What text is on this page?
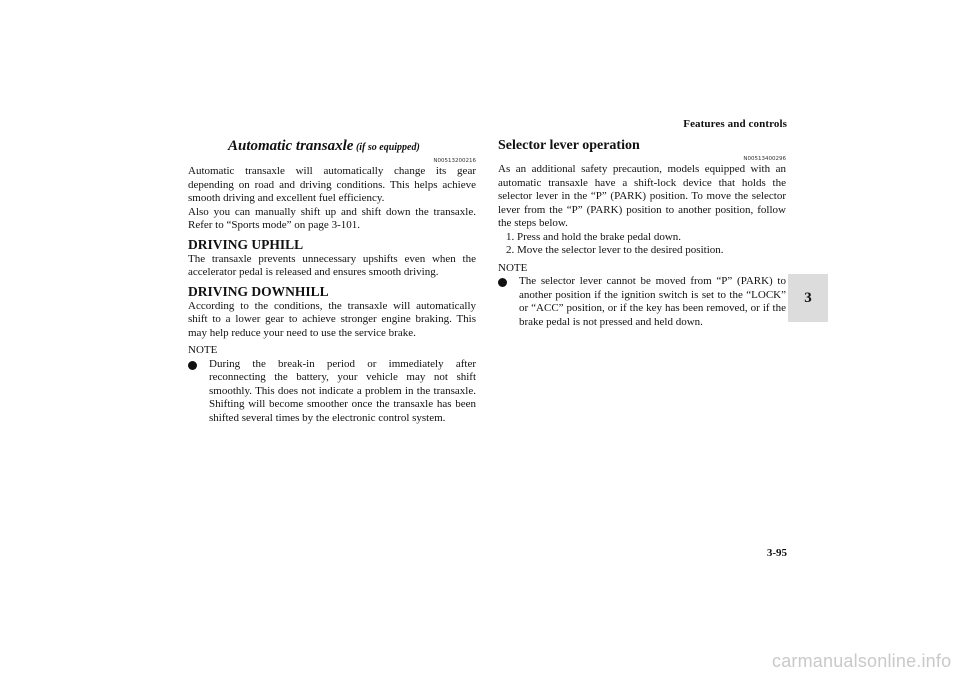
Features and controls
3
Automatic transaxle (if so equipped)
N00513200216

Automatic transaxle will automatically change its gear depending on road and driving conditions. This helps achieve smooth driving and excellent fuel efficiency.

Also you can manually shift up and shift down the transaxle. Refer to “Sports mode” on page 3-101.

DRIVING UPHILL

The transaxle prevents unnecessary upshifts even when the accelerator pedal is released and ensures smooth driving.

DRIVING DOWNHILL

According to the conditions, the transaxle will automatically shift to a lower gear to achieve stronger engine braking. This may help reduce your need to use the service brake.

NOTE
During the break-in period or immediately after reconnecting the battery, your vehicle may not shift smoothly. This does not indicate a problem in the transaxle. Shifting will become smoother once the transaxle has been shifted several times by the electronic control system.
Selector lever operation
N00513400296

As an additional safety precaution, models equipped with an automatic transaxle have a shift-lock device that holds the selector lever in the “P” (PARK) position. To move the selector lever from the “P” (PARK) position to another position, follow the steps below.

1. Press and hold the brake pedal down.
2. Move the selector lever to the desired position.
NOTE
The selector lever cannot be moved from “P” (PARK) to another position if the ignition switch is set to the “LOCK” or “ACC” position, or if the key has been removed, or if the brake pedal is not pressed and held down.
3-95
carmanualsonline.info
